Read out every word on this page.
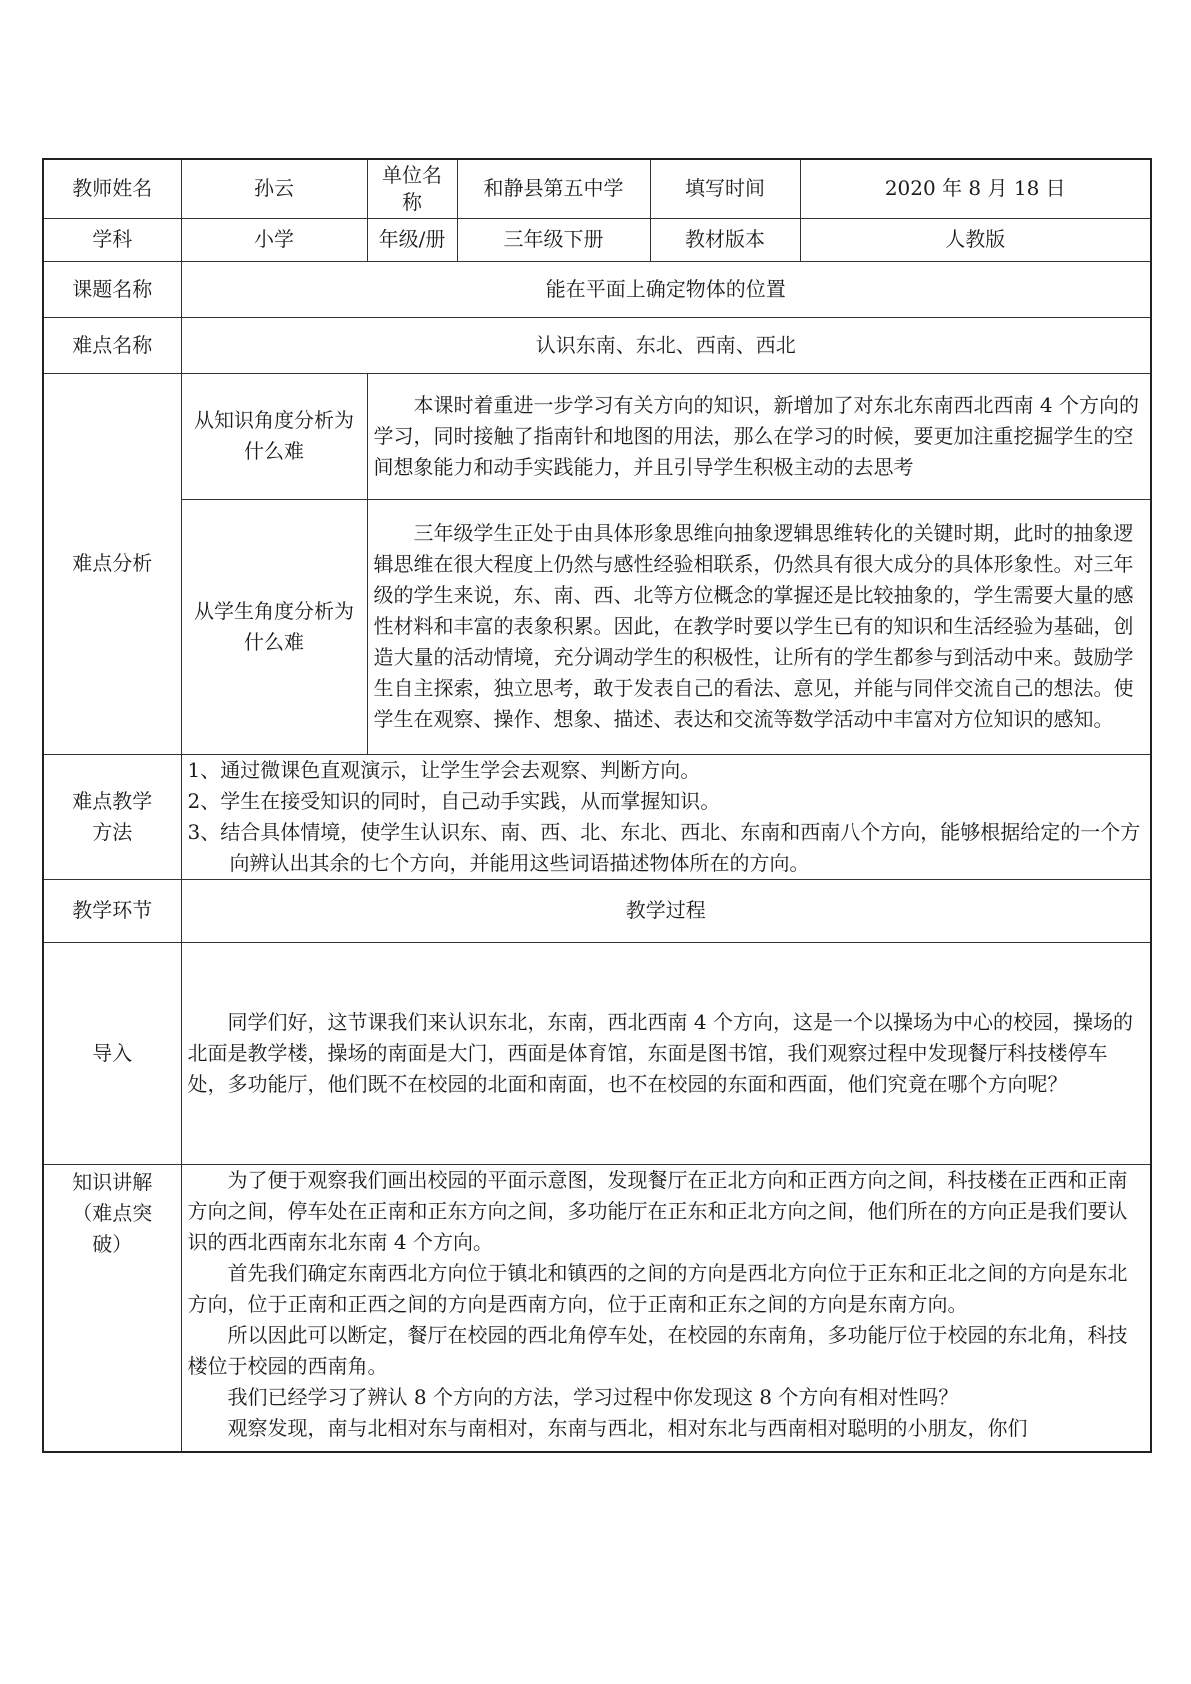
教师姓名	孙云	单位名称	和静县第五中学	填写时间	2020 年 8 月 18 日
学科	小学	年级/册	三年级下册	教材版本	人教版
课题名称	能在平面上确定物体的位置				
难点名称	认识东南、东北、西南、西北				
难点分析	从知识角度分析为什么难	本课时着重进一步学习有关方向的知识，新增加了对东北东南西北西南 4 个方向的学习，同时接触了指南针和地图的用法，那么在学习的时候，要更加注重挖掘学生的空间想象能力和动手实践能力，并且引导学生积极主动的去思考			

	从学生角度分析为什么难	三年级学生正处于由具体形象思维向抽象逻辑思维转化的关键时期，此时的抽象逻辑思维在很大程度上仍然与感性经验相联系，仍然具有很大成分的具体形象性。对三年级的学生来说，东、南、西、北等方位概念的掌握还是比较抽象的，学生需要大量的感性材料和丰富的表象积累。因此，在教学时要以学生已有的知识和生活经验为基础，创造大量的活动情境，充分调动学生的积极性，让所有的学生都参与到活动中来。鼓励学生自主探索，独立思考，敢于发表自己的看法、意见，并能与同伴交流自己的想法。使学生在观察、操作、想象、描述、表达和交流等数学活动中丰富对方位知识的感知。			

难点教学方法	1、通过微课色直观演示，让学生学会去观察、判断方向。

2、学生在接受知识的同时，自己动手实践，从而掌握知识。

3、结合具体情境，使学生认识东、南、西、北、东北、西北、东南和西南八个方向，能够根据给定的一个方向辨认出其余的七个方向，并能用这些词语描述物体所在的方向。				

教学环节	教学过程				
导入	同学们好，这节课我们来认识东北，东南，西北西南 4 个方向，这是一个以操场为中心的校园，操场的北面是教学楼，操场的南面是大门，西面是体育馆，东面是图书馆，我们观察过程中发现餐厅科技楼停车处，多功能厅，他们既不在校园的北面和南面，也不在校园的东面和西面，他们究竟在哪个方向呢？				

知识讲解（难点突破）	为了便于观察我们画出校园的平面示意图，发现餐厅在正北方向和正西方向之间，科技楼在正西和正南方向之间，停车处在正南和正东方向之间，多功能厅在正东和正北方向之间，他们所在的方向正是我们要认识的西北西南东北东南 4 个方向。

首先我们确定东南西北方向位于镇北和镇西的之间的方向是西北方向位于正东和正北之间的方向是东北方向，位于正南和正西之间的方向是西南方向，位于正南和正东之间的方向是东南方向。

所以因此可以断定，餐厅在校园的西北角停车处，在校园的东南角，多功能厅位于校园的东北角，科技楼位于校园的西南角。

我们已经学习了辨认 8 个方向的方法，学习过程中你发现这 8 个方向有相对性吗？

观察发现，南与北相对东与南相对，东南与西北，相对东北与西南相对聪明的小朋友，你们				
